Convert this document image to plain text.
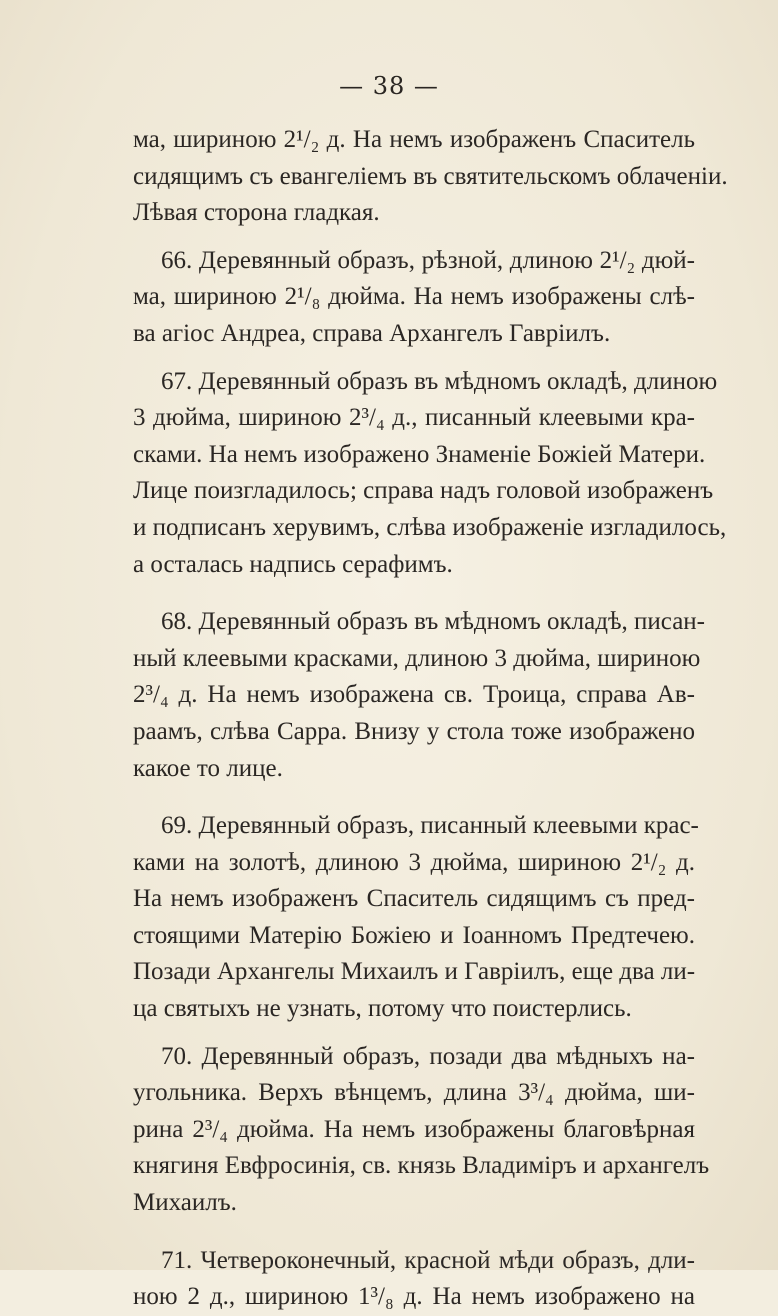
— 38 —

ма, шириною 2¹/₂ д. На немъ изображенъ Спаситель
сидящимъ съ евангеліемъ въ святительскомъ облаченіи.
Лѣвая сторона гладкая.

66. Деревянный образъ, рѣзной, длиною 2¹/₂ дюй-
ма, шириною 2¹/₈ дюйма. На немъ изображены слѣ-
ва агіос Андреа, справа Архангелъ Гавріилъ.

67. Деревянный образъ въ мѣдномъ окладѣ, длиною
3 дюйма, шириною 2³/₄ д., писанный клеевыми кра-
сками. На немъ изображено Знаменіе Божіей Матери.
Лице поизгладилось; справа надъ головой изображенъ
и подписанъ херувимъ, слѣва изображеніе изгладилось,
а осталась надпись серафимъ.

68. Деревянный образъ въ мѣдномъ окладѣ, писан-
ный клеевыми красками, длиною 3 дюйма, шириною
2³/₄ д. На немъ изображена св. Троица, справа Ав-
раамъ, слѣва Сарра. Внизу у стола тоже изображено
какое то лице.

69. Деревянный образъ, писанный клеевыми крас-
ками на золотѣ, длиною 3 дюйма, шириною 2¹/₂ д.
На немъ изображенъ Спаситель сидящимъ съ пред-
стоящими Матерію Божіею и Іоанномъ Предтечею.
Позади Архангелы Михаилъ и Гавріилъ, еще два ли-
ца святыхъ не узнать, потому что поистерлись.

70. Деревянный образъ, позади два мѣдныхъ на-
угольника. Верхъ вѣнцемъ, длина 3³/₄ дюйма, ши-
рина 2³/₄ дюйма. На немъ изображены благовѣрная
княгиня Евфросинія, св. князь Владиміръ и архангелъ
Михаилъ.

71. Четвероконечный, красной мѣди образъ, дли-
ною 2 д., шириною 1³/₈ д. На немъ изображено на
